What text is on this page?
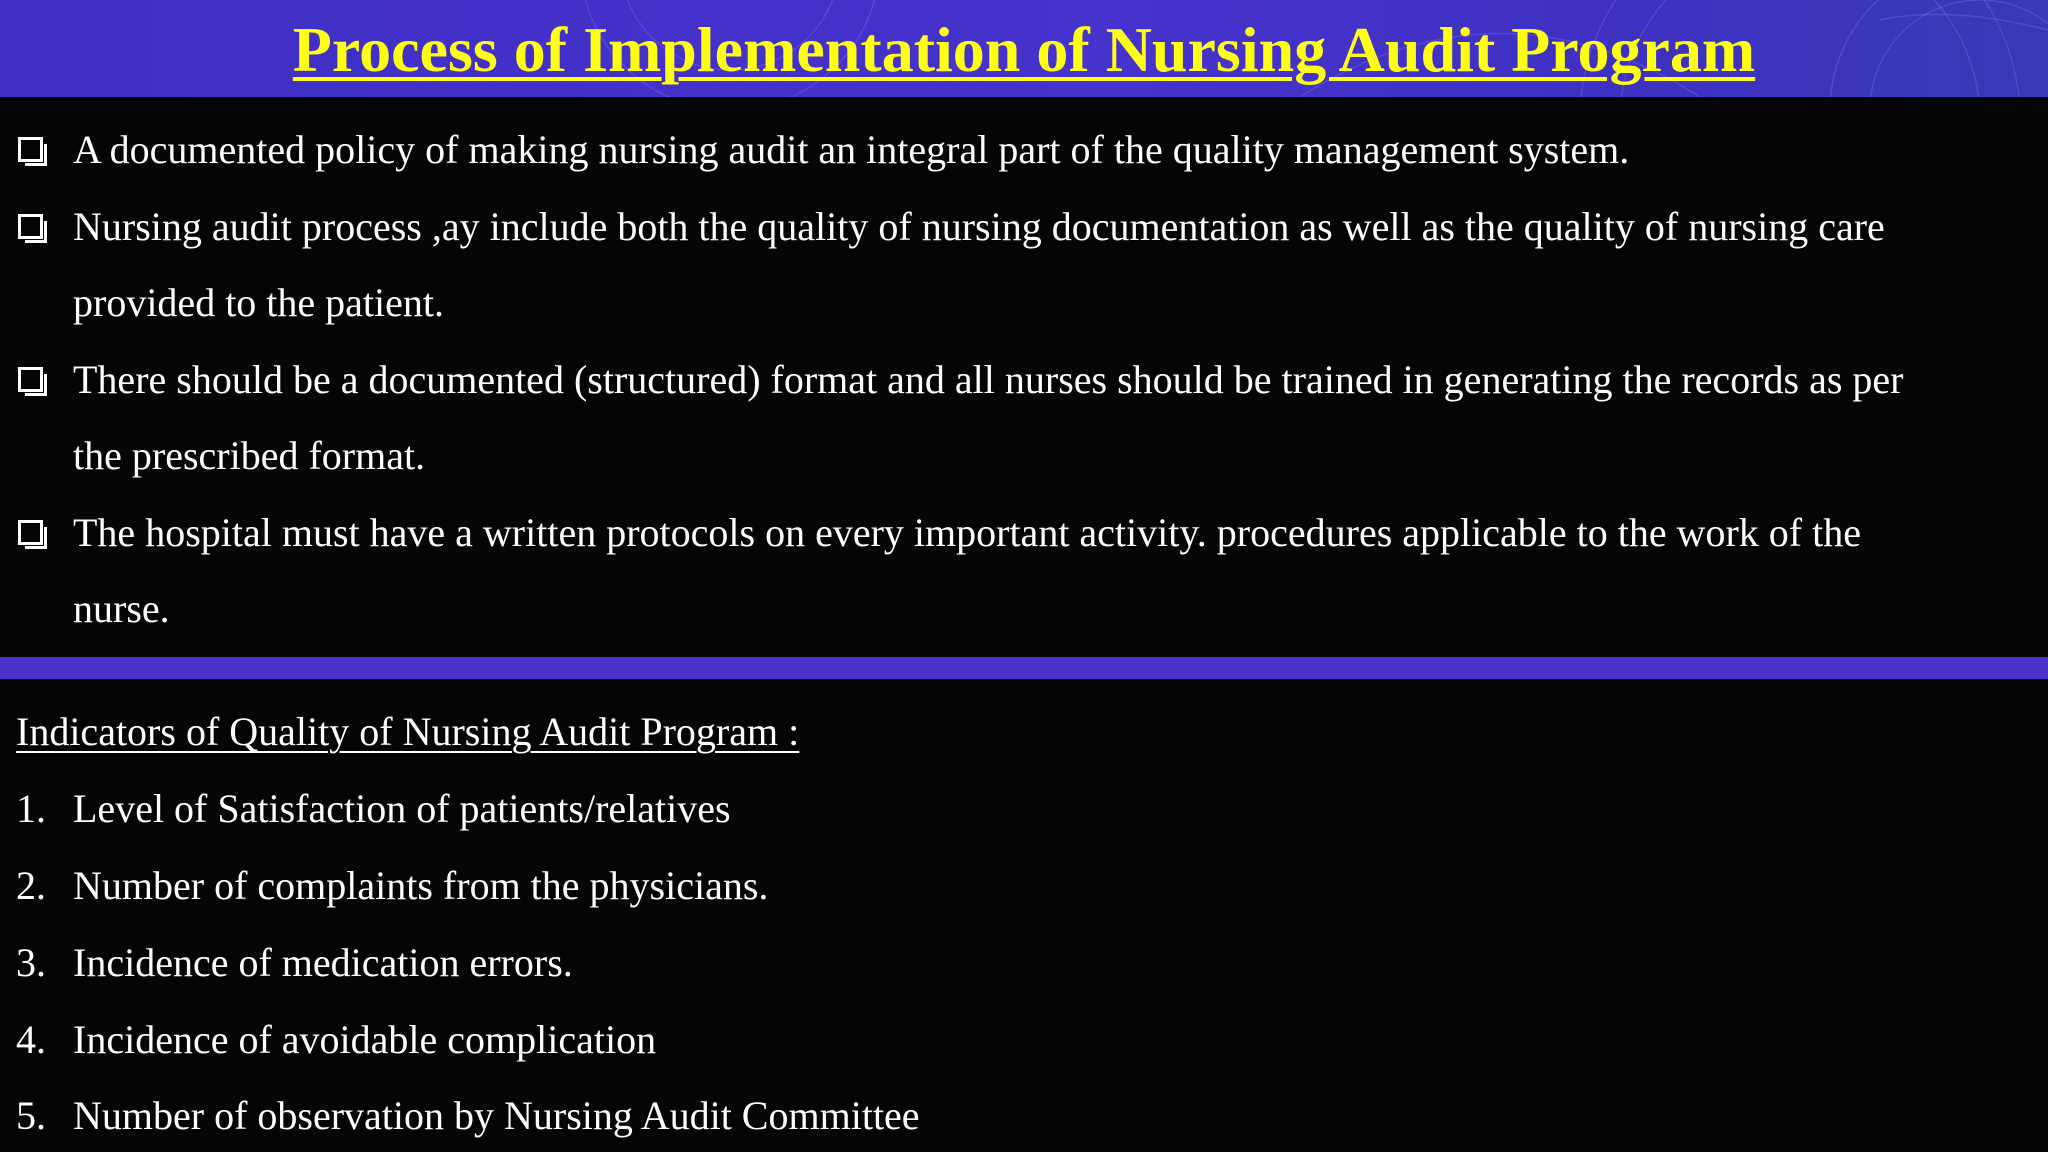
Process of Implementation of Nursing Audit Program
A documented policy of making nursing audit an integral part of the quality management system.
Nursing audit process ,ay include both the quality of nursing documentation as well as the quality of nursing care
provided to the patient.
There should be a documented (structured) format and all nurses should be trained in generating the records as per
the prescribed format.
The hospital must have a written protocols on every important activity. procedures applicable to the work of the
nurse.
Indicators of Quality of Nursing Audit Program :
1. Level of Satisfaction of patients/relatives
2. Number of complaints from the physicians.
3. Incidence of medication errors.
4. Incidence of avoidable complication
5. Number of observation by Nursing Audit Committee
